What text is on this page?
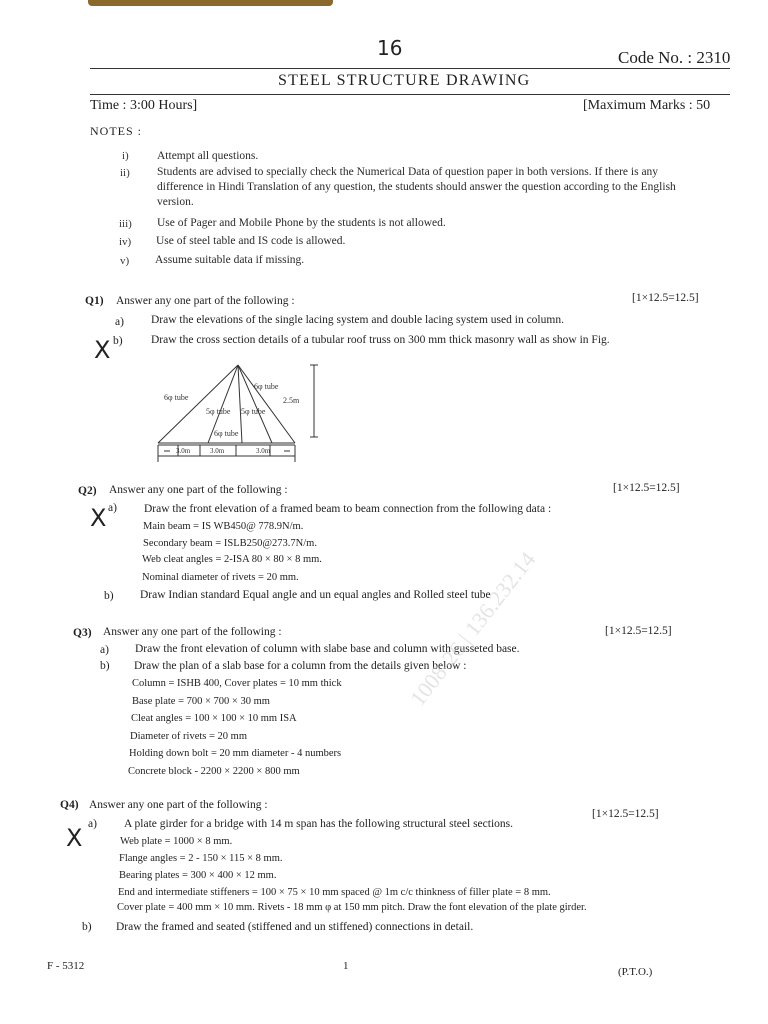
16	Code No. : 2310
STEEL STRUCTURE DRAWING
Time : 3:00 Hours]	[Maximum Marks : 50
NOTES :
i) Attempt all questions.
ii) Students are advised to specially check the Numerical Data of question paper in both versions. If there is any
difference in Hindi Translation of any question, the students should answer the question according to the English
version.
iii) Use of Pager and Mobile Phone by the students is not allowed.
iv) Use of steel table and IS code is allowed.
v) Assume suitable data if missing.
Q1) Answer any one part of the following :	[1×12.5=12.5]
a) Draw the elevations of the single lacing system and double lacing system used in column.
X b) Draw the cross section details of a tubular roof truss on 300 mm thick masonry wall as show in Fig.
6φ tube
6φ tube
5φ tube 5φ tube
6φ tube
2.5m
3.0m	3.0m	3.0m
Q2) Answer any one part of the following :	[1×12.5=12.5]
X a) Draw the front elevation of a framed beam to beam connection from the following data :
Main beam = IS WB450@ 778.9N/m.
Secondary beam = ISLB250@273.7N/m.
Web cleat angles = 2-ISA 80 × 80 × 8 mm.
Nominal diameter of rivets = 20 mm.
b) Draw Indian standard Equal angle and un equal angles and Rolled steel tube
Q3) Answer any one part of the following :	[1×12.5=12.5]
a) Draw the front elevation of column with slabe base and column with gusseted base.
b) Draw the plan of a slab base for a column from the details given below :
Column = ISHB 400, Cover plates = 10 mm thick
Base plate = 700 × 700 × 30 mm
Cleat angles = 100 × 100 × 10 mm ISA
Diameter of rivets = 20 mm
Holding down bolt = 20 mm diameter - 4 numbers
Concrete block - 2200 × 2200 × 800 mm
Q4) Answer any one part of the following :
[1×12.5=12.5]
X a) A plate girder for a bridge with 14 m span has the following structural steel sections.
Web plate = 1000 × 8 mm.
Flange angles = 2 - 150 × 115 × 8 mm.
Bearing plates = 300 × 400 × 12 mm.
End and intermediate stiffeners = 100 × 75 × 10 mm spaced @ 1m c/c thinkness of filler plate = 8 mm.
Cover plate = 400 mm × 10 mm. Rivets - 18 mm φ at 150 mm pitch. Draw the font elevation of the plate girder.
b) Draw the framed and seated (stiffened and un stiffened) connections in detail.
1008-26 | 136.232.14
F - 5312	1	(P.T.O.)
